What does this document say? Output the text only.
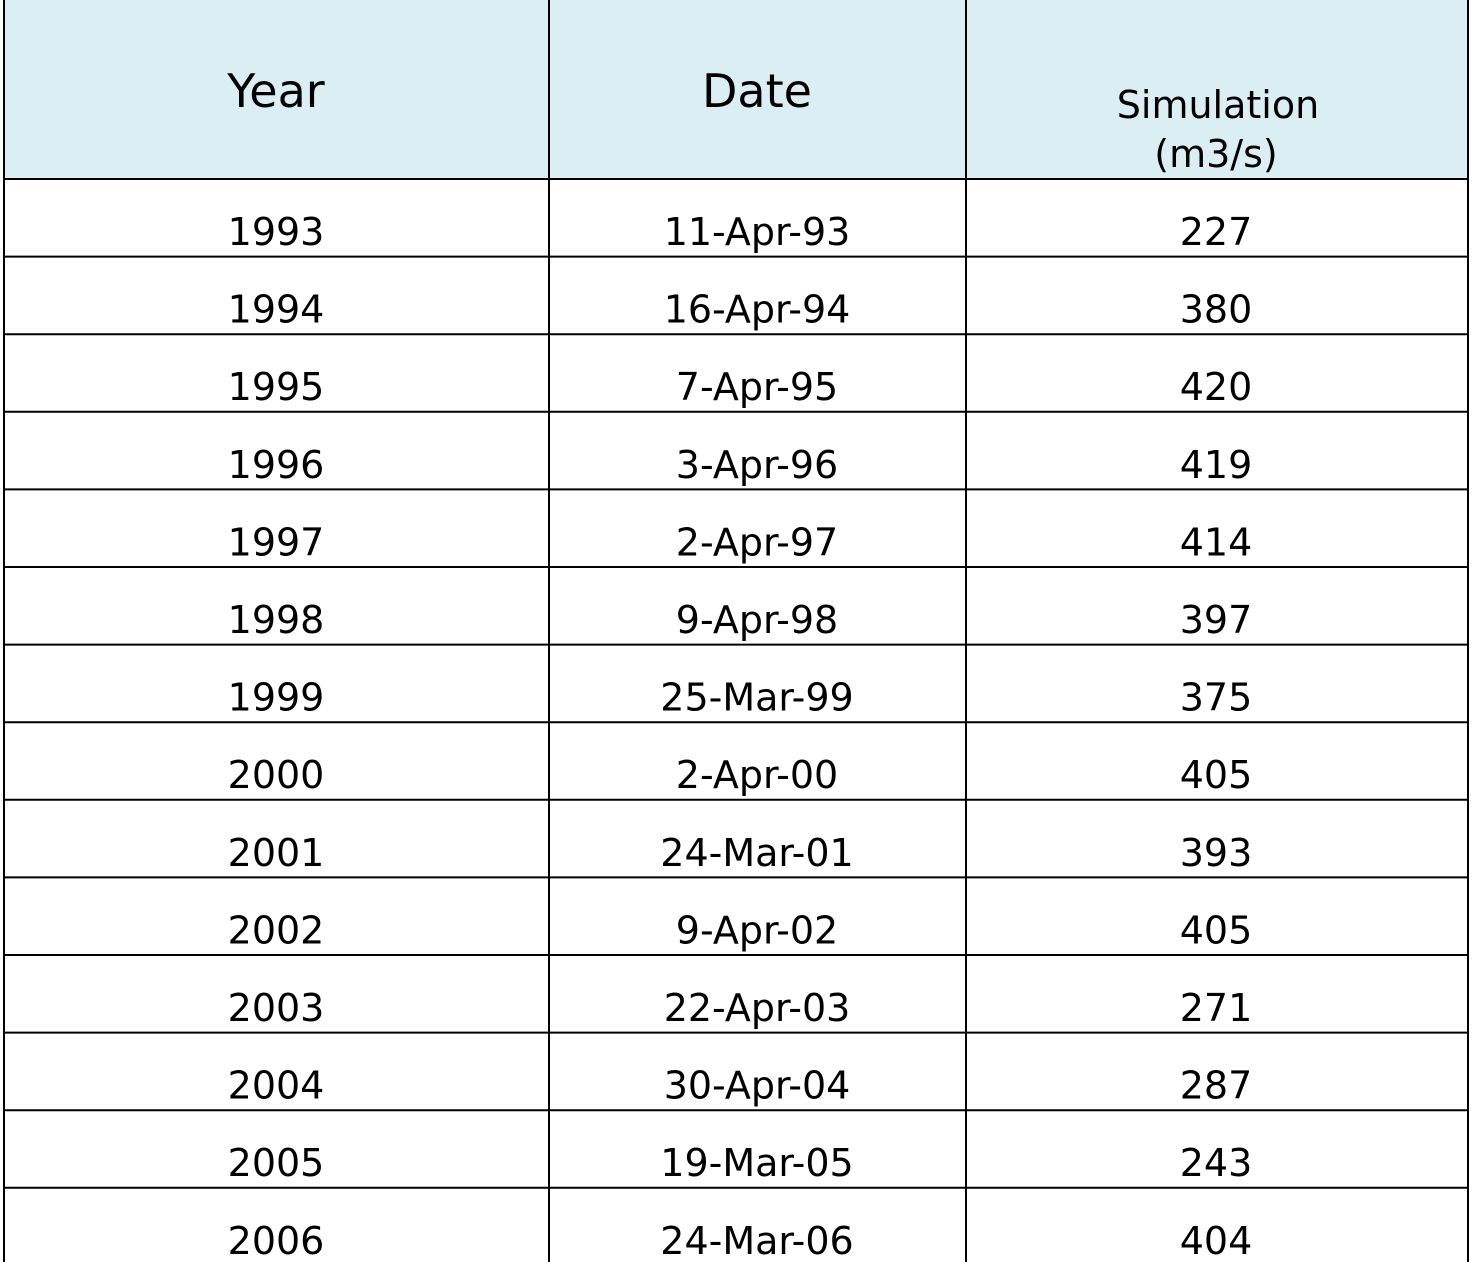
Year	Date	Simulation
(m3/s)
1993	11-Apr-93	227
1994	16-Apr-94	380
1995	7-Apr-95	420
1996	3-Apr-96	419
1997	2-Apr-97	414
1998	9-Apr-98	397
1999	25-Mar-99	375
2000	2-Apr-00	405
2001	24-Mar-01	393
2002	9-Apr-02	405
2003	22-Apr-03	271
2004	30-Apr-04	287
2005	19-Mar-05	243
2006	24-Mar-06	404
